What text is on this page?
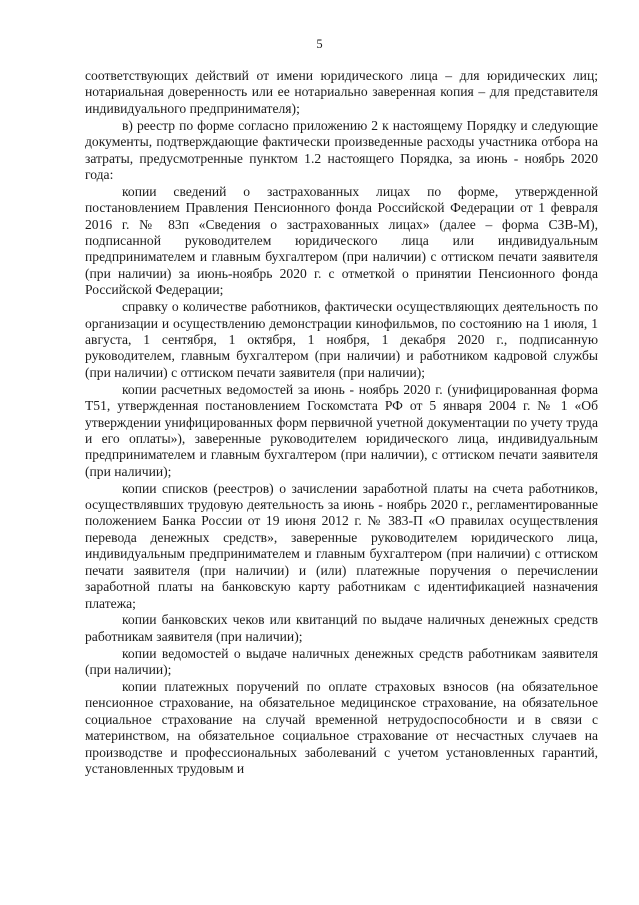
5

соответствующих действий от имени юридического лица – для юридических лиц; нотариальная доверенность или ее нотариально заверенная копия – для представителя индивидуального предпринимателя);

в) реестр по форме согласно приложению 2 к настоящему Порядку и следующие документы, подтверждающие фактически произведенные расходы участника отбора на затраты, предусмотренные пунктом 1.2 настоящего Порядка, за июнь - ноябрь 2020 года:

копии сведений о застрахованных лицах по форме, утвержденной постановлением Правления Пенсионного фонда Российской Федерации от 1 февраля 2016 г. № 83п «Сведения о застрахованных лицах» (далее – форма СЗВ-М), подписанной руководителем юридического лица или индивидуальным предпринимателем и главным бухгалтером (при наличии) с оттиском печати заявителя (при наличии) за июнь-ноябрь 2020 г. с отметкой о принятии Пенсионного фонда Российской Федерации;

справку о количестве работников, фактически осуществляющих деятельность по организации и осуществлению демонстрации кинофильмов, по состоянию на 1 июля, 1 августа, 1 сентября, 1 октября, 1 ноября, 1 декабря 2020 г., подписанную руководителем, главным бухгалтером (при наличии) и работником кадровой службы (при наличии) с оттиском печати заявителя (при наличии);

копии расчетных ведомостей за июнь - ноябрь 2020 г. (унифицированная форма Т51, утвержденная постановлением Госкомстата РФ от 5 января 2004 г. № 1 «Об утверждении унифицированных форм первичной учетной документации по учету труда и его оплаты»), заверенные руководителем юридического лица, индивидуальным предпринимателем и главным бухгалтером (при наличии), с оттиском печати заявителя (при наличии);

копии списков (реестров) о зачислении заработной платы на счета работников, осуществлявших трудовую деятельность за июнь - ноябрь 2020 г., регламентированные положением Банка России от 19 июня 2012 г. № 383-П «О правилах осуществления перевода денежных средств», заверенные руководителем юридического лица, индивидуальным предпринимателем и главным бухгалтером (при наличии) с оттиском печати заявителя (при наличии) и (или) платежные поручения о перечислении заработной платы на банковскую карту работникам с идентификацией назначения платежа;

копии банковских чеков или квитанций по выдаче наличных денежных средств работникам заявителя (при наличии);

копии ведомостей о выдаче наличных денежных средств работникам заявителя (при наличии);

копии платежных поручений по оплате страховых взносов (на обязательное пенсионное страхование, на обязательное медицинское страхование, на обязательное социальное страхование на случай временной нетрудоспособности и в связи с материнством, на обязательное социальное страхование от несчастных случаев на производстве и профессиональных заболеваний с учетом установленных гарантий, установленных трудовым и
